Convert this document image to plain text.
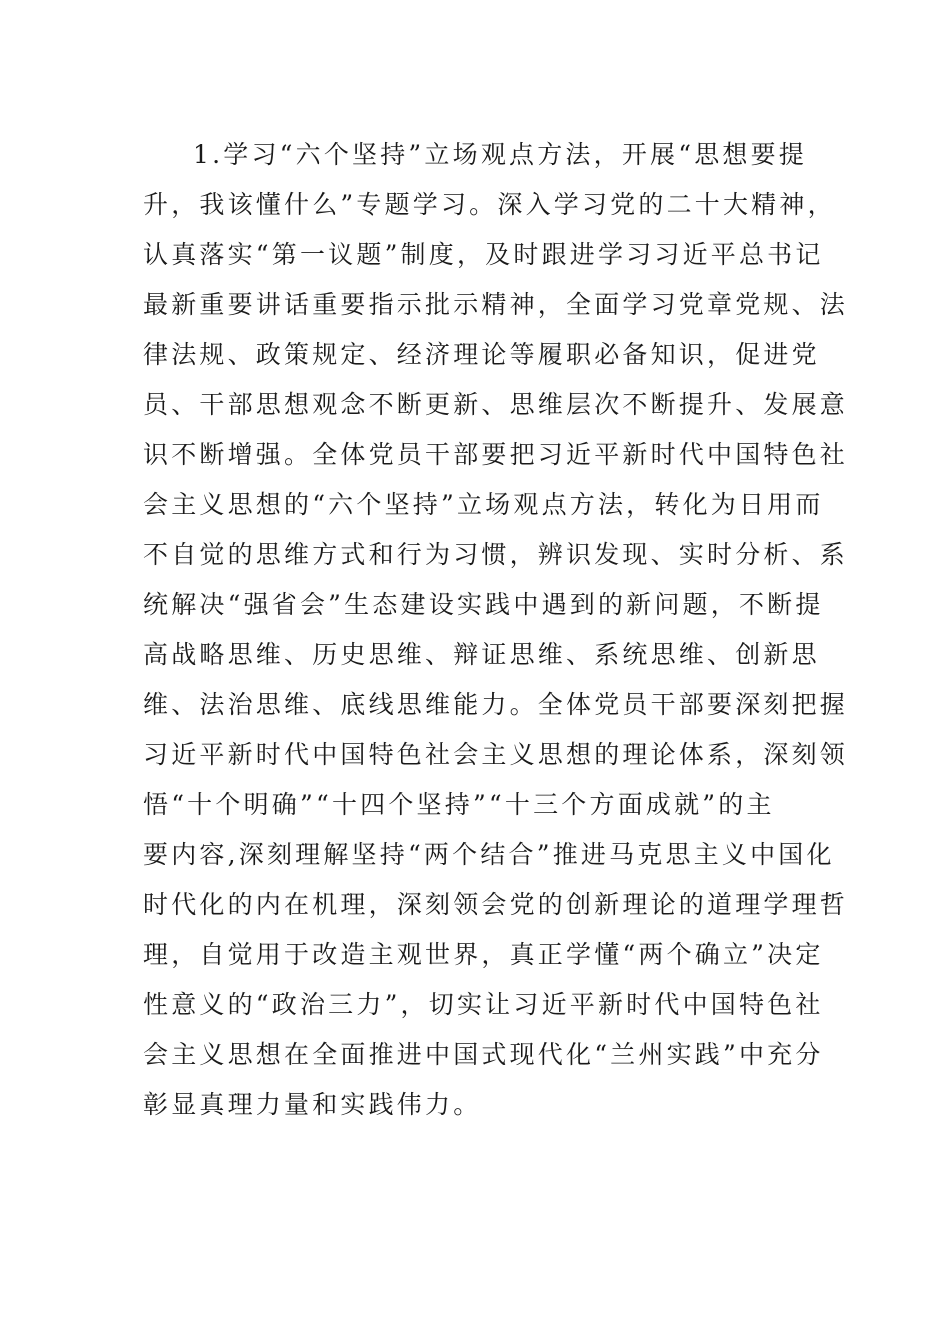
1.学习“六个坚持”立场观点方法，开展“思想要提
升，我该懂什么”专题学习。深入学习党的二十大精神，
认真落实“第一议题”制度，及时跟进学习习近平总书记
最新重要讲话重要指示批示精神，全面学习党章党规、法
律法规、政策规定、经济理论等履职必备知识，促进党
员、干部思想观念不断更新、思维层次不断提升、发展意
识不断增强。全体党员干部要把习近平新时代中国特色社
会主义思想的“六个坚持”立场观点方法，转化为日用而
不自觉的思维方式和行为习惯，辨识发现、实时分析、系
统解决“强省会”生态建设实践中遇到的新问题，不断提
高战略思维、历史思维、辩证思维、系统思维、创新思
维、法治思维、底线思维能力。全体党员干部要深刻把握
习近平新时代中国特色社会主义思想的理论体系，深刻领
悟“十个明确”“十四个坚持”“十三个方面成就”的主
要内容,深刻理解坚持“两个结合”推进马克思主义中国化
时代化的内在机理，深刻领会党的创新理论的道理学理哲
理，自觉用于改造主观世界，真正学懂“两个确立”决定
性意义的“政治三力”，切实让习近平新时代中国特色社
会主义思想在全面推进中国式现代化“兰州实践”中充分
彰显真理力量和实践伟力。
